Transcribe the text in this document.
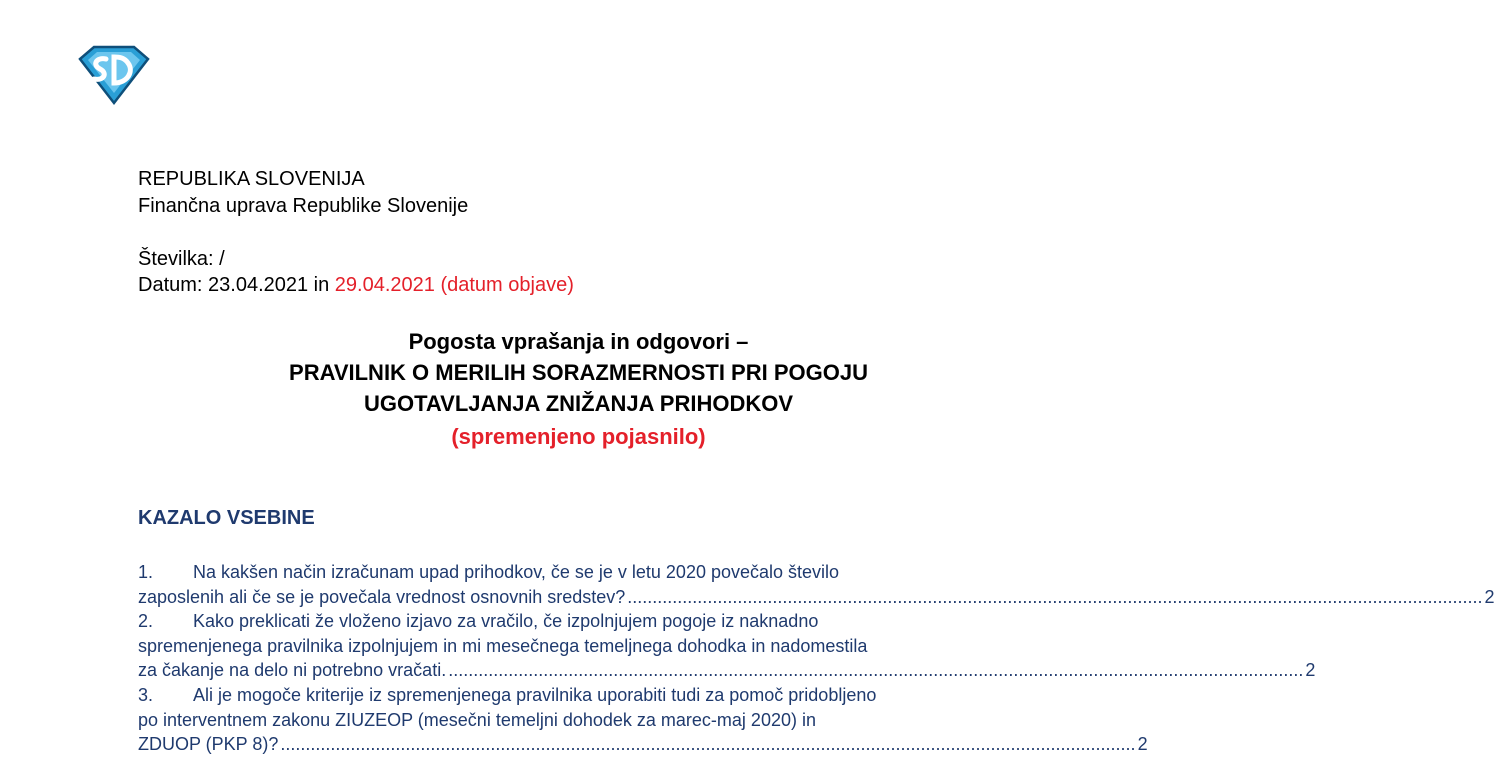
REPUBLIKA SLOVENIJA
Finančna uprava Republike Slovenije
Številka: /
Datum: 23.04.2021 in 29.04.2021 (datum objave)
Pogosta vprašanja in odgovori –
PRAVILNIK O MERILIH SORAZMERNOSTI PRI POGOJU
UGOTAVLJANJA ZNIŽANJA PRIHODKOV
(spremenjeno pojasnilo)
KAZALO VSEBINE
1. Na kakšen način izračunam upad prihodkov, če se je v letu 2020 povečalo število
zaposlenih ali če se je povečala vrednost osnovnih sredstev? ........................................................................................................................................................................... 2
2. Kako preklicati že vloženo izjavo za vračilo, če izpolnjujem pogoje iz naknadno
spremenjenega pravilnika izpolnjujem in mi mesečnega temeljnega dohodka in nadomestila
za čakanje na delo ni potrebno vračati. ........................................................................................................................................................................... 2
3. Ali je mogoče kriterije iz spremenjenega pravilnika uporabiti tudi za pomoč pridobljeno
po interventnem zakonu ZIUZEOP (mesečni temeljni dohodek za marec-maj 2020) in
ZDUOP (PKP 8)? ........................................................................................................................................................................... 2
